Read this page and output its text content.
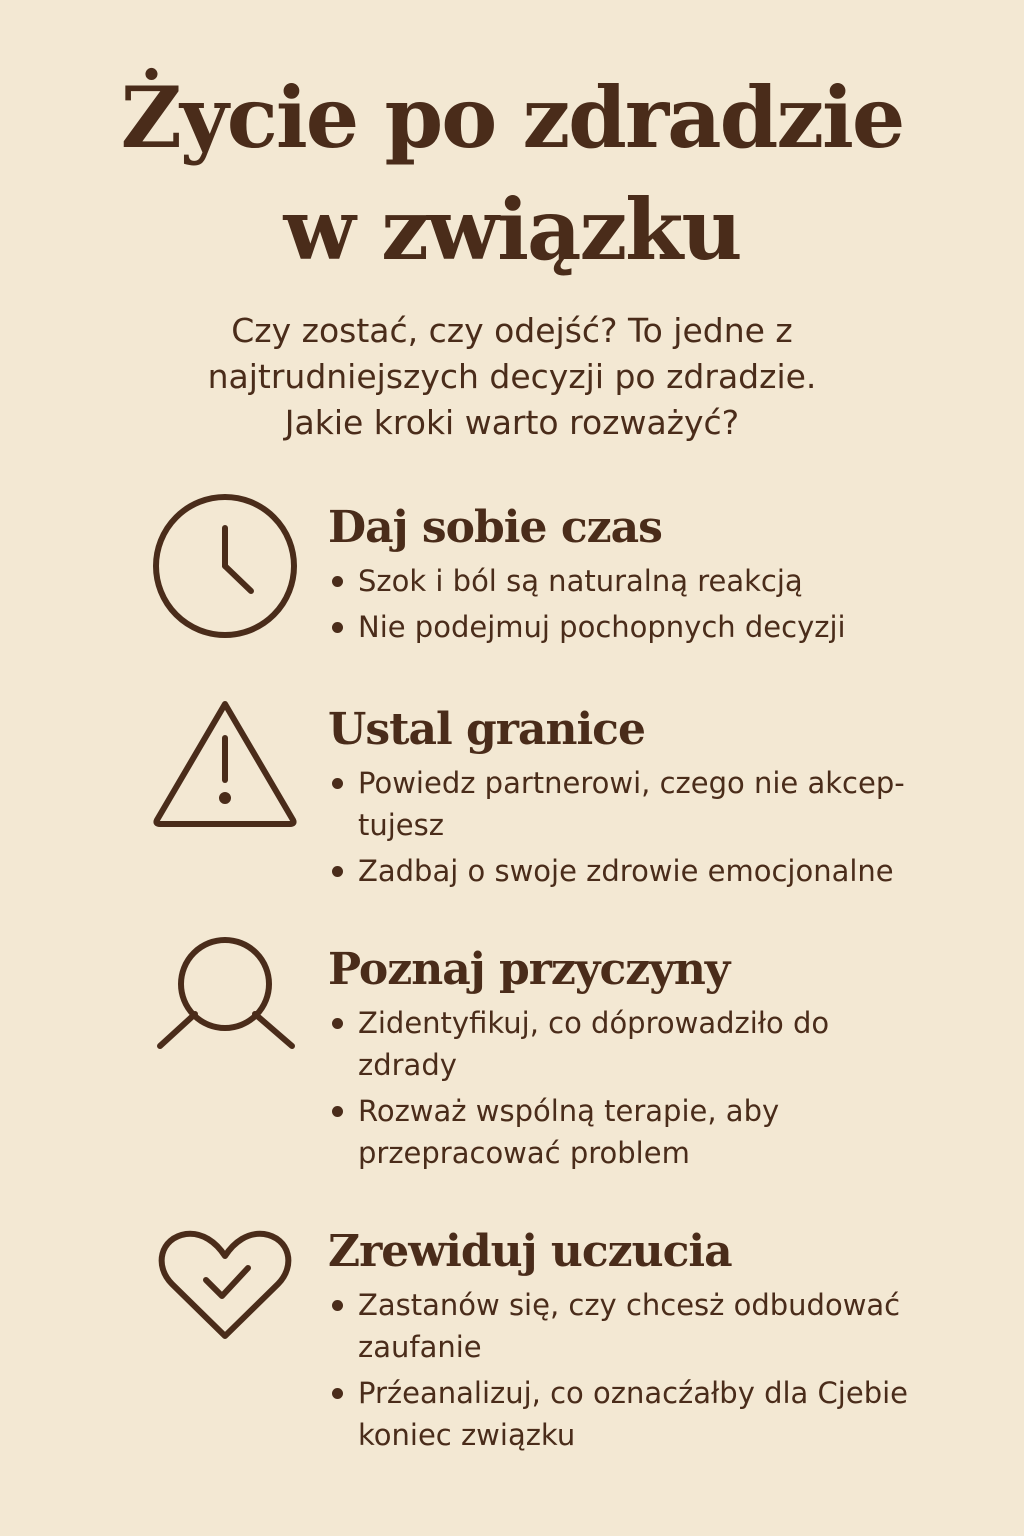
Życie po zdradzie
w związku

Czy zostać, czy odejść? To jedne z
najtrudniejszych decyzji po zdradzie.
Jakie kroki warto rozważyć?

Daj sobie czas
Szok i ból są naturalną reakcją
Nie podejmuj pochopnych decyzji
Ustal granice
Powiedz partnerowi, czego nie akcep-
tujesz
Zadbaj o swoje zdrowie emocjonalne
Poznaj przyczyny
Zidentyfikuj, co dóprowadziło do
zdrady
Rozważ wspólną terapie, aby
przepracować problem
Zrewiduj uczucia
Zastanów się, czy chcesż odbudować
zaufanie
Prźeanalizuj, co oznacźałby dla Cjebie
koniec związku
